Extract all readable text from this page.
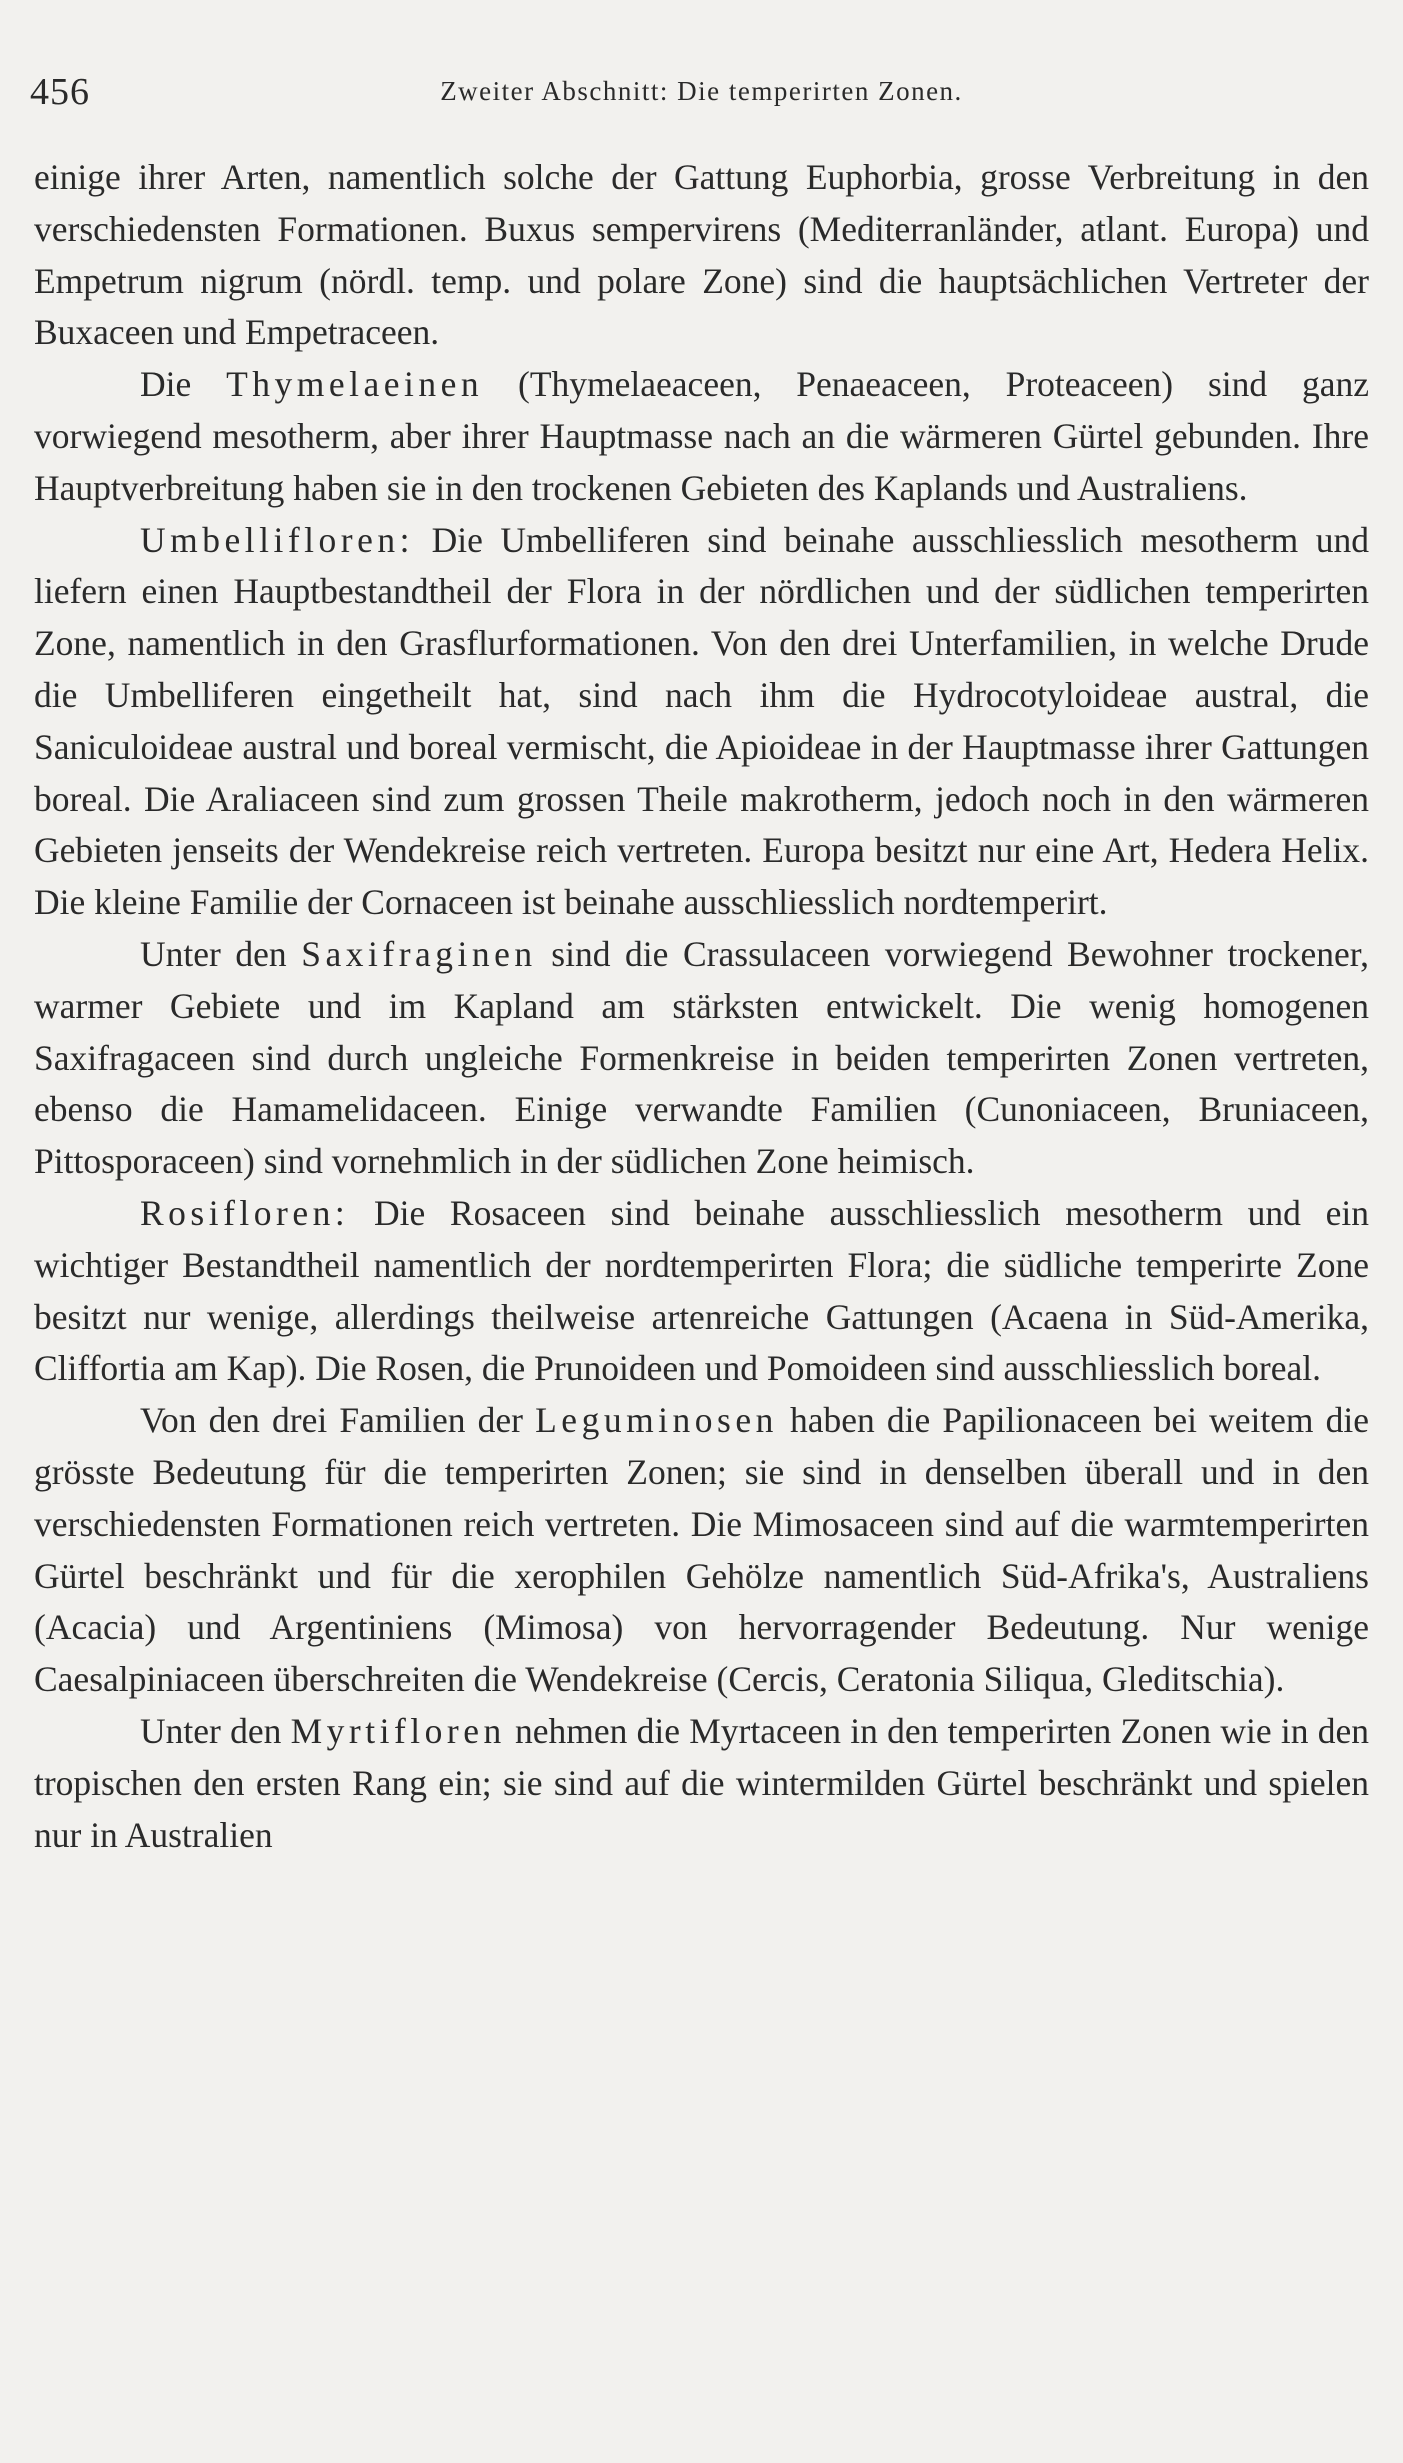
456	Zweiter Abschnitt: Die temperirten Zonen.

einige ihrer Arten, namentlich solche der Gattung Euphorbia, grosse Verbreitung in den verschiedensten Formationen. Buxus sempervirens (Mediterranländer, atlant. Europa) und Empetrum nigrum (nördl. temp. und polare Zone) sind die hauptsächlichen Vertreter der Buxaceen und Empetraceen.

Die Thymelaeinen (Thymelaeaceen, Penaeaceen, Proteaceen) sind ganz vorwiegend mesotherm, aber ihrer Hauptmasse nach an die wärmeren Gürtel gebunden. Ihre Hauptverbreitung haben sie in den trockenen Gebieten des Kaplands und Australiens.

Umbellifloren: Die Umbelliferen sind beinahe ausschliesslich mesotherm und liefern einen Hauptbestandtheil der Flora in der nördlichen und der südlichen temperirten Zone, namentlich in den Grasflurformationen. Von den drei Unterfamilien, in welche Drude die Umbelliferen eingetheilt hat, sind nach ihm die Hydrocotyloideae austral, die Saniculoideae austral und boreal vermischt, die Apioideae in der Hauptmasse ihrer Gattungen boreal. Die Araliaceen sind zum grossen Theile makrotherm, jedoch noch in den wärmeren Gebieten jenseits der Wendekreise reich vertreten. Europa besitzt nur eine Art, Hedera Helix. Die kleine Familie der Cornaceen ist beinahe ausschliesslich nordtemperirt.

Unter den Saxifraginen sind die Crassulaceen vorwiegend Bewohner trockener, warmer Gebiete und im Kapland am stärksten entwickelt. Die wenig homogenen Saxifragaceen sind durch ungleiche Formenkreise in beiden temperirten Zonen vertreten, ebenso die Hamamelidaceen. Einige verwandte Familien (Cunoniaceen, Bruniaceen, Pittosporaceen) sind vornehmlich in der südlichen Zone heimisch.

Rosifloren: Die Rosaceen sind beinahe ausschliesslich mesotherm und ein wichtiger Bestandtheil namentlich der nordtemperirten Flora; die südliche temperirte Zone besitzt nur wenige, allerdings theilweise artenreiche Gattungen (Acaena in Süd-Amerika, Cliffortia am Kap). Die Rosen, die Prunoideen und Pomoideen sind ausschliesslich boreal.

Von den drei Familien der Leguminosen haben die Papilionaceen bei weitem die grösste Bedeutung für die temperirten Zonen; sie sind in denselben überall und in den verschiedensten Formationen reich vertreten. Die Mimosaceen sind auf die warmtemperirten Gürtel beschränkt und für die xerophilen Gehölze namentlich Süd-Afrika's, Australiens (Acacia) und Argentiniens (Mimosa) von hervorragender Bedeutung. Nur wenige Caesalpiniaceen überschreiten die Wendekreise (Cercis, Ceratonia Siliqua, Gleditschia).

Unter den Myrtifloren nehmen die Myrtaceen in den temperirten Zonen wie in den tropischen den ersten Rang ein; sie sind auf die wintermilden Gürtel beschränkt und spielen nur in Australien
